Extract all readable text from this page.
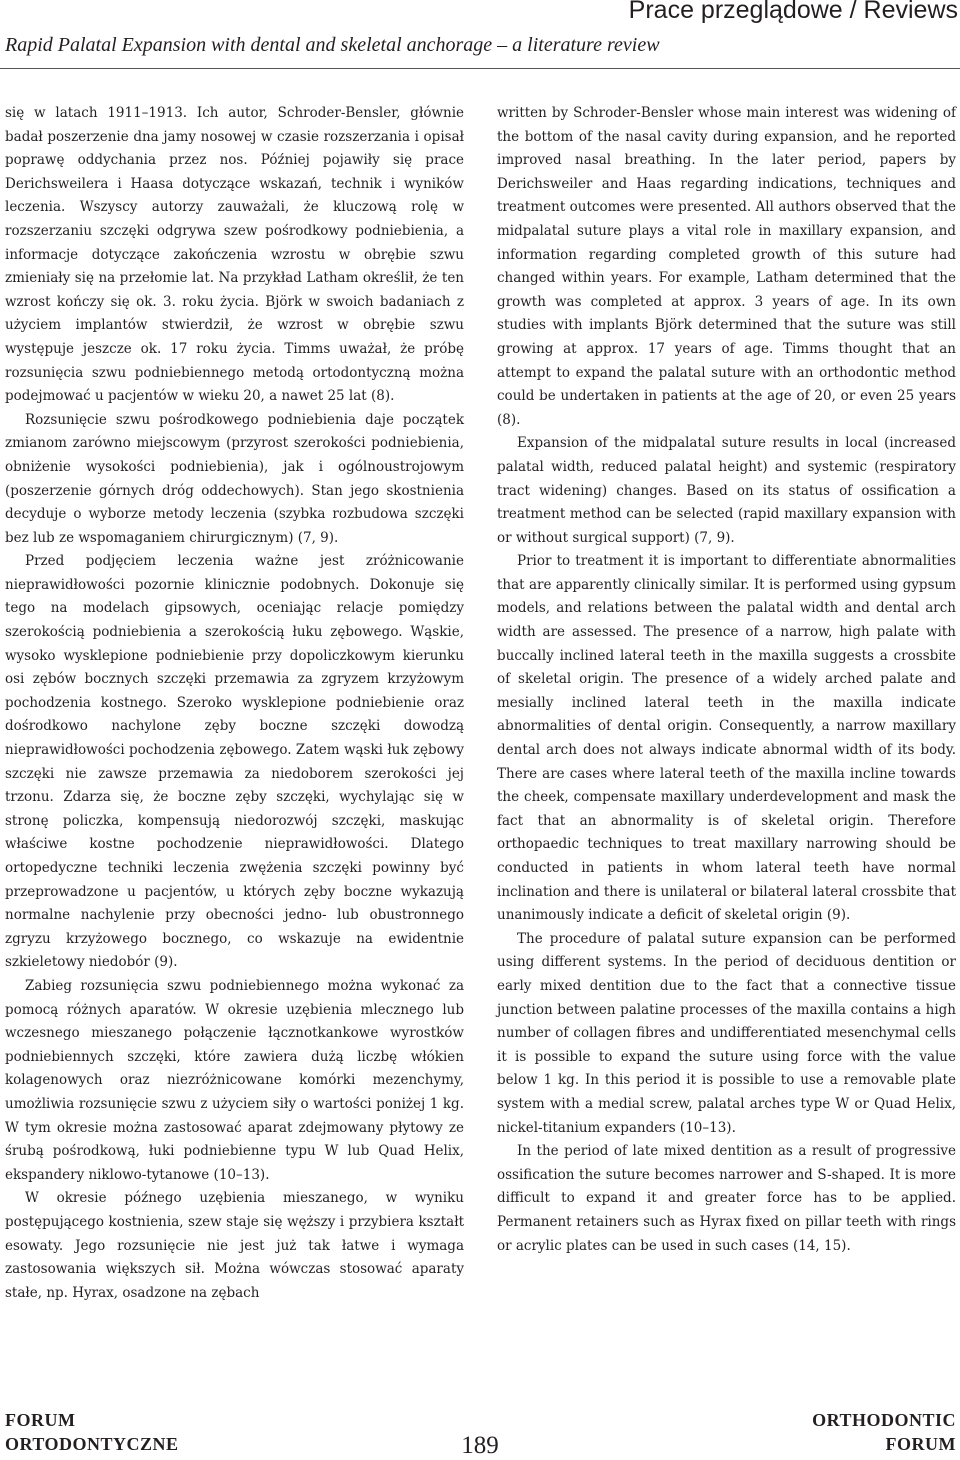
Prace przeglądowe / Reviews
Rapid Palatal Expansion with dental and skeletal anchorage – a literature review

się w latach 1911–1913. Ich autor, Schroder-Bensler, głównie badał poszerzenie dna jamy nosowej w czasie rozszerzania i opisał poprawę oddychania przez nos. Później pojawiły się prace Derichsweilera i Haasa dotyczące wskazań, technik i wyników leczenia. Wszyscy autorzy zauważali, że kluczową rolę w rozszerzaniu szczęki odgrywa szew pośrodkowy podniebienia, a informacje dotyczące zakończenia wzrostu w obrębie szwu zmieniały się na przełomie lat. Na przykład Latham określił, że ten wzrost kończy się ok. 3. roku życia. Björk w swoich badaniach z użyciem implantów stwierdził, że wzrost w obrębie szwu występuje jeszcze ok. 17 roku życia. Timms uważał, że próbę rozsunięcia szwu podniebiennego metodą ortodontyczną można podejmować u pacjentów w wieku 20, a nawet 25 lat (8).

Rozsunięcie szwu pośrodkowego podniebienia daje początek zmianom zarówno miejscowym (przyrost szerokości podniebienia, obniżenie wysokości podniebienia), jak i ogólnoustrojowym (poszerzenie górnych dróg oddechowych). Stan jego skostnienia decyduje o wyborze metody leczenia (szybka rozbudowa szczęki bez lub ze wspomaganiem chirurgicznym) (7, 9).

Przed podjęciem leczenia ważne jest zróżnicowanie nieprawidłowości pozornie klinicznie podobnych. Dokonuje się tego na modelach gipsowych, oceniając relacje pomiędzy szerokością podniebienia a szerokością łuku zębowego. Wąskie, wysoko wysklepione podniebienie przy dopoliczkowym kierunku osi zębów bocznych szczęki przemawia za zgryzem krzyżowym pochodzenia kostnego. Szeroko wysklepione podniebienie oraz dośrodkowo nachylone zęby boczne szczęki dowodzą nieprawidłowości pochodzenia zębowego. Zatem wąski łuk zębowy szczęki nie zawsze przemawia za niedoborem szerokości jej trzonu. Zdarza się, że boczne zęby szczęki, wychylając się w stronę policzka, kompensują niedorozwój szczęki, maskując właściwe kostne pochodzenie nieprawidłowości. Dlatego ortopedyczne techniki leczenia zwężenia szczęki powinny być przeprowadzone u pacjentów, u których zęby boczne wykazują normalne nachylenie przy obecności jedno- lub obustronnego zgryzu krzyżowego bocznego, co wskazuje na ewidentnie szkieletowy niedobór (9).

Zabieg rozsunięcia szwu podniebiennego można wykonać za pomocą różnych aparatów. W okresie uzębienia mlecznego lub wczesnego mieszanego połączenie łącznotkankowe wyrostków podniebiennych szczęki, które zawiera dużą liczbę włókien kolagenowych oraz niezróżnicowane komórki mezenchymy, umożliwia rozsunięcie szwu z użyciem siły o wartości poniżej 1 kg. W tym okresie można zastosować aparat zdejmowany płytowy ze śrubą pośrodkową, łuki podniebienne typu W lub Quad Helix, ekspandery niklowo-tytanowe (10–13).

W okresie późnego uzębienia mieszanego, w wyniku postępującego kostnienia, szew staje się węższy i przybiera kształt esowaty. Jego rozsunięcie nie jest już tak łatwe i wymaga zastosowania większych sił. Można wówczas stosować aparaty stałe, np. Hyrax, osadzone na zębach

written by Schroder-Bensler whose main interest was widening of the bottom of the nasal cavity during expansion, and he reported improved nasal breathing. In the later period, papers by Derichsweiler and Haas regarding indications, techniques and treatment outcomes were presented. All authors observed that the midpalatal suture plays a vital role in maxillary expansion, and information regarding completed growth of this suture had changed within years. For example, Latham determined that the growth was completed at approx. 3 years of age. In its own studies with implants Björk determined that the suture was still growing at approx. 17 years of age. Timms thought that an attempt to expand the palatal suture with an orthodontic method could be undertaken in patients at the age of 20, or even 25 years (8).

Expansion of the midpalatal suture results in local (increased palatal width, reduced palatal height) and systemic (respiratory tract widening) changes. Based on its status of ossification a treatment method can be selected (rapid maxillary expansion with or without surgical support) (7, 9).

Prior to treatment it is important to differentiate abnormalities that are apparently clinically similar. It is performed using gypsum models, and relations between the palatal width and dental arch width are assessed. The presence of a narrow, high palate with buccally inclined lateral teeth in the maxilla suggests a crossbite of skeletal origin. The presence of a widely arched palate and mesially inclined lateral teeth in the maxilla indicate abnormalities of dental origin. Consequently, a narrow maxillary dental arch does not always indicate abnormal width of its body. There are cases where lateral teeth of the maxilla incline towards the cheek, compensate maxillary underdevelopment and mask the fact that an abnormality is of skeletal origin. Therefore orthopaedic techniques to treat maxillary narrowing should be conducted in patients in whom lateral teeth have normal inclination and there is unilateral or bilateral lateral crossbite that unanimously indicate a deficit of skeletal origin (9).

The procedure of palatal suture expansion can be performed using different systems. In the period of deciduous dentition or early mixed dentition due to the fact that a connective tissue junction between palatine processes of the maxilla contains a high number of collagen fibres and undifferentiated mesenchymal cells it is possible to expand the suture using force with the value below 1 kg. In this period it is possible to use a removable plate system with a medial screw, palatal arches type W or Quad Helix, nickel-titanium expanders (10–13).

In the period of late mixed dentition as a result of progressive ossification the suture becomes narrower and S-shaped. It is more difficult to expand it and greater force has to be applied. Permanent retainers such as Hyrax fixed on pillar teeth with rings or acrylic plates can be used in such cases (14, 15).

FORUM
ORTODONTYCZNE	189
ORTHODONTIC
FORUM
